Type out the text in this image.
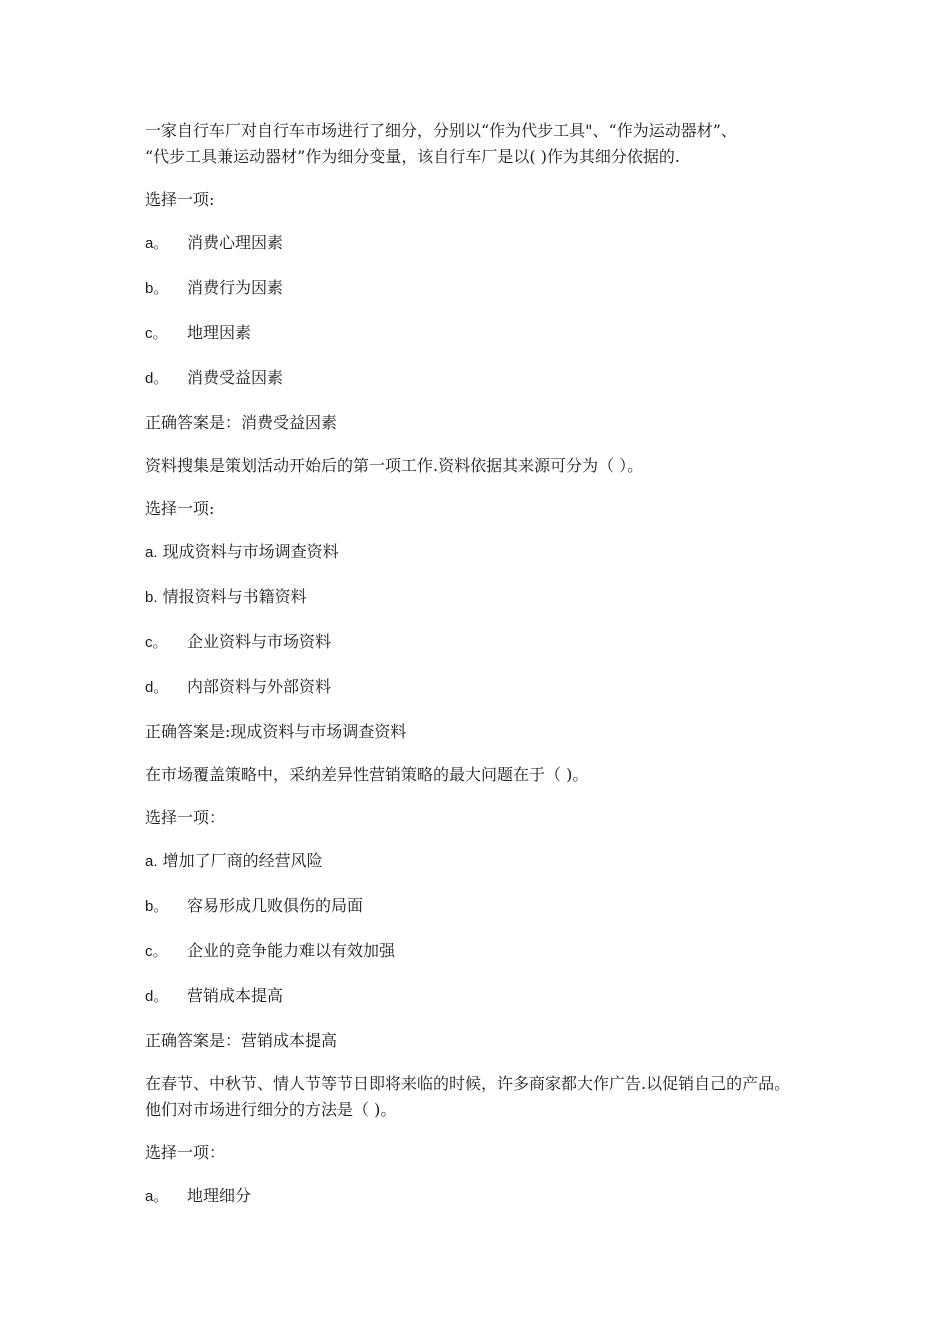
一家自行车厂对自行车市场进行了细分，分别以“作为代步工具"、“作为运动器材”、
“代步工具兼运动器材”作为细分变量，该自行车厂是以( )作为其细分依据的.
选择一项:
a。 消费心理因素
b。 消费行为因素
c。 地理因素
d。 消费受益因素
正确答案是：消费受益因素
资料搜集是策划活动开始后的第一项工作.资料依据其来源可分为（ ）。
选择一项:
a. 现成资料与市场调查资料
b. 情报资料与书籍资料
c。 企业资料与市场资料
d。 内部资料与外部资料
正确答案是:现成资料与市场调查资料
在市场覆盖策略中，采纳差异性营销策略的最大问题在于（ )。
选择一项：
a. 增加了厂商的经营风险
b。 容易形成几败俱伤的局面
c。 企业的竞争能力难以有效加强
d。 营销成本提高
正确答案是：营销成本提高
在春节、中秋节、情人节等节日即将来临的时候，许多商家都大作广告.以促销自己的产品。
他们对市场进行细分的方法是（ )。
选择一项：
a。 地理细分
